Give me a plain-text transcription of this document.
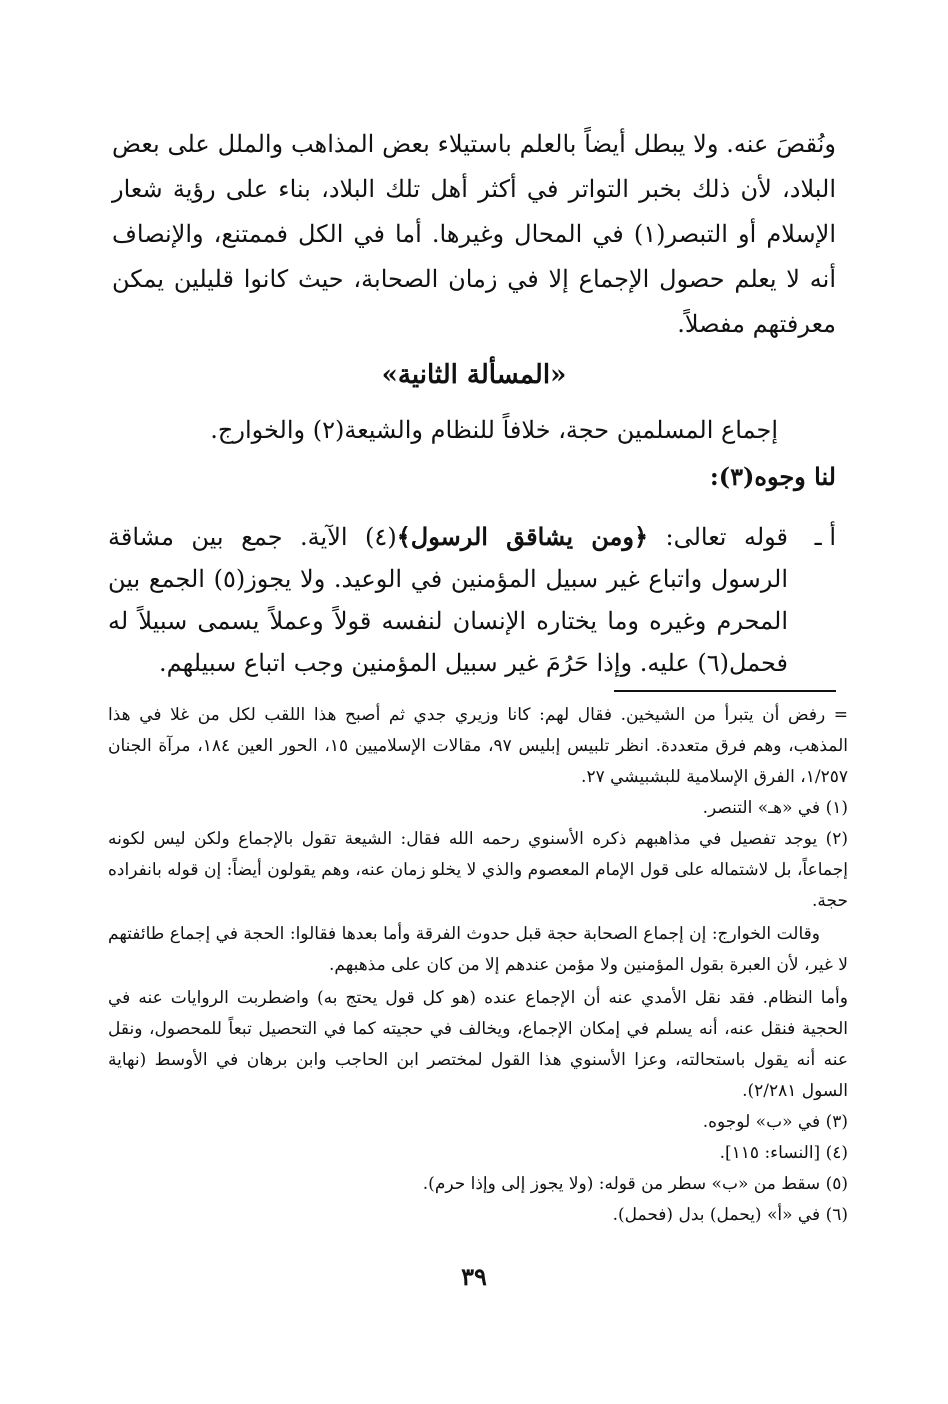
ونُقصَ عنه. ولا يبطل أيضاً بالعلم باستيلاء بعض المذاهب والملل على بعض البلاد، لأن ذلك بخبر التواتر في أكثر أهل تلك البلاد، بناء على رؤية شعار الإسلام أو التبصر(١) في المحال وغيرها. أما في الكل فممتنع، والإنصاف أنه لا يعلم حصول الإجماع إلا في زمان الصحابة، حيث كانوا قليلين يمكن معرفتهم مفصلاً.

«المسألة الثانية»

إجماع المسلمين حجة، خلافاً للنظام والشيعة(٢) والخوارج.

لنا وجوه(٣):

أ ـ
قوله تعالى: ﴿ومن يشاقق الرسول﴾(٤) الآية. جمع بين مشاقة الرسول واتباع غير سبيل المؤمنين في الوعيد. ولا يجوز(٥) الجمع بين المحرم وغيره وما يختاره الإنسان لنفسه قولاً وعملاً يسمى سبيلاً له فحمل(٦) عليه. وإذا حَرُمَ غير سبيل المؤمنين وجب اتباع سبيلهم.

= رفض أن يتبرأ من الشيخين. فقال لهم: كانا وزيري جدي ثم أصبح هذا اللقب لكل من غلا في هذا المذهب، وهم فرق متعددة. انظر تلبيس إبليس ٩٧، مقالات الإسلاميين ١٥، الحور العين ١٨٤، مرآة الجنان ١/٢٥٧، الفرق الإسلامية للبشبيشي ٢٧.

(١) في «هـ» التنصر.

(٢) يوجد تفصيل في مذاهبهم ذكره الأسنوي رحمه الله فقال: الشيعة تقول بالإجماع ولكن ليس لكونه إجماعاً، بل لاشتماله على قول الإمام المعصوم والذي لا يخلو زمان عنه، وهم يقولون أيضاً: إن قوله بانفراده حجة.

وقالت الخوارج: إن إجماع الصحابة حجة قبل حدوث الفرقة وأما بعدها فقالوا: الحجة في إجماع طائفتهم لا غير، لأن العبرة بقول المؤمنين ولا مؤمن عندهم إلا من كان على مذهبهم.

وأما النظام. فقد نقل الأمدي عنه أن الإجماع عنده (هو كل قول يحتج به) واضطربت الروايات عنه في الحجية فنقل عنه، أنه يسلم في إمكان الإجماع، ويخالف في حجيته كما في التحصيل تبعاً للمحصول، ونقل عنه أنه يقول باستحالته، وعزا الأسنوي هذا القول لمختصر ابن الحاجب وابن برهان في الأوسط (نهاية السول ٢/٢٨١).

(٣) في «ب» لوجوه.

(٤) [النساء: ١١٥].

(٥) سقط من «ب» سطر من قوله: (ولا يجوز إلى وإذا حرم).

(٦) في «أ» (يحمل) بدل (فحمل).

٣٩
